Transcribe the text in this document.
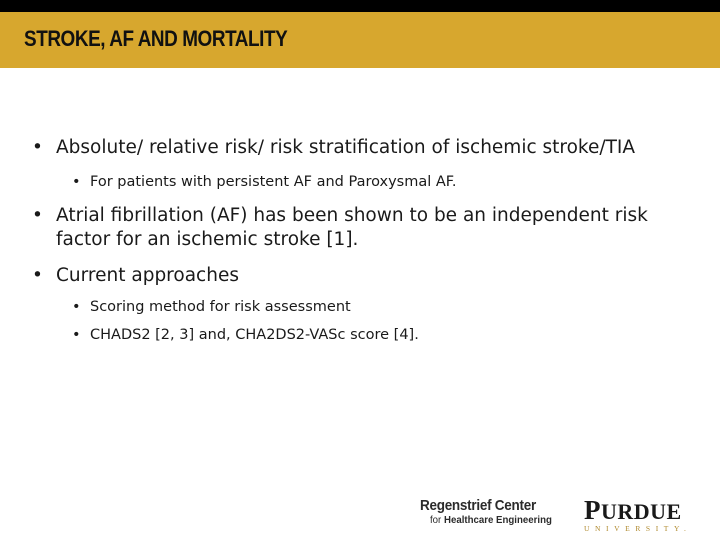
STROKE, AF AND MORTALITY
• Absolute/ relative risk/ risk stratification of ischemic stroke/TIA
• For patients with persistent AF and Paroxysmal AF.
• Atrial fibrillation (AF) has been shown to be an independent risk factor for an ischemic stroke [1].
• Current approaches
• Scoring method for risk assessment
• CHADS2 [2, 3] and, CHA2DS2-VASc score [4].
Regenstrief Center
for Healthcare Engineering PURDUE
UNIVERSITY.
